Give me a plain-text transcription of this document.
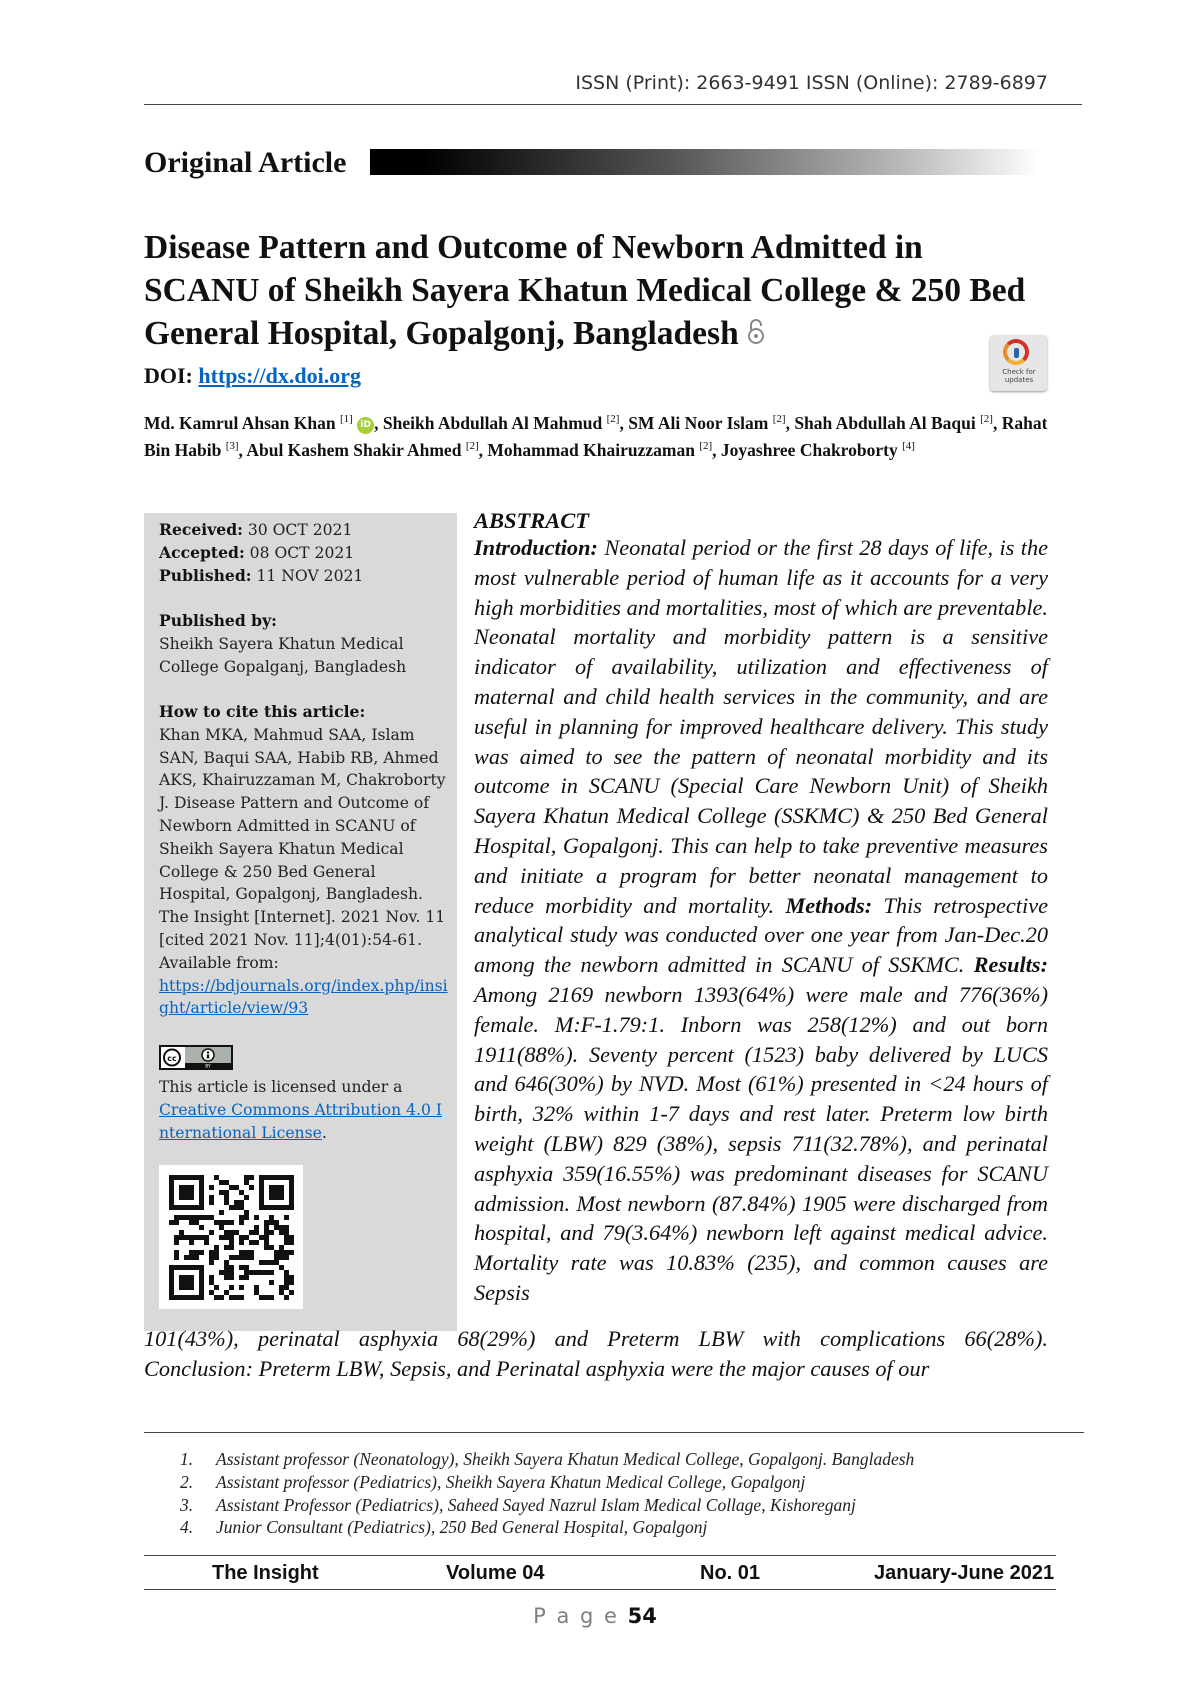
ISSN (Print): 2663-9491 ISSN (Online): 2789-6897
Original Article
Disease Pattern and Outcome of Newborn Admitted in SCANU of Sheikh Sayera Khatun Medical College & 250 Bed General Hospital, Gopalgonj, Bangladesh
Check for updates
DOI: https://dx.doi.org
Md. Kamrul Ahsan Khan [1] iD , Sheikh Abdullah Al Mahmud [2], SM Ali Noor Islam [2], Shah Abdullah Al Baqui [2], Rahat Bin Habib [3], Abul Kashem Shakir Ahmed [2], Mohammad Khairuzzaman [2], Joyashree Chakroborty [4]
Received: 30 OCT 2021
Accepted: 08 OCT 2021
Published: 11 NOV 2021
Published by:
Sheikh Sayera Khatun Medical College Gopalganj, Bangladesh
How to cite this article:
Khan MKA, Mahmud SAA, Islam SAN, Baqui SAA, Habib RB, Ahmed AKS, Khairuzzaman M, Chakroborty J. Disease Pattern and Outcome of Newborn Admitted in SCANU of Sheikh Sayera Khatun Medical College & 250 Bed General Hospital, Gopalgonj, Bangladesh. The Insight [Internet]. 2021 Nov. 11 [cited 2021 Nov. 11];4(01):54-61. Available from:
https://bdjournals.org/index.php/insight/article/view/93
cc
BY
This article is licensed under a
Creative Commons Attribution 4.0 International License.
ABSTRACT
Introduction: Neonatal period or the first 28 days of life, is the most vulnerable period of human life as it accounts for a very high morbidities and mortalities, most of which are preventable. Neonatal mortality and morbidity pattern is a sensitive indicator of availability, utilization and effectiveness of maternal and child health services in the community, and are useful in planning for improved healthcare delivery. This study was aimed to see the pattern of neonatal morbidity and its outcome in SCANU (Special Care Newborn Unit) of Sheikh Sayera Khatun Medical College (SSKMC) & 250 Bed General Hospital, Gopalgonj. This can help to take preventive measures and initiate a program for better neonatal management to reduce morbidity and mortality. Methods: This retrospective analytical study was conducted over one year from Jan-Dec.20 among the newborn admitted in SCANU of SSKMC. Results: Among 2169 newborn 1393(64%) were male and 776(36%) female. M:F-1.79:1. Inborn was 258(12%) and out born 1911(88%). Seventy percent (1523) baby delivered by LUCS and 646(30%) by NVD. Most (61%) presented in <24 hours of birth, 32% within 1-7 days and rest later. Preterm low birth weight (LBW) 829 (38%), sepsis 711(32.78%), and perinatal asphyxia 359(16.55%) was predominant diseases for SCANU admission. Most newborn (87.84%) 1905 were discharged from hospital, and 79(3.64%) newborn left against medical advice. Mortality rate was 10.83% (235), and common causes are Sepsis
101(43%), perinatal asphyxia 68(29%) and Preterm LBW with complications 66(28%).
Conclusion: Preterm LBW, Sepsis, and Perinatal asphyxia were the major causes of our
1. Assistant professor (Neonatology), Sheikh Sayera Khatun Medical College, Gopalgonj. Bangladesh
2. Assistant professor (Pediatrics), Sheikh Sayera Khatun Medical College, Gopalgonj
3. Assistant Professor (Pediatrics), Saheed Sayed Nazrul Islam Medical Collage, Kishoreganj
4. Junior Consultant (Pediatrics), 250 Bed General Hospital, Gopalgonj
The Insight	Volume 04	No. 01	January-June 2021
P a g e 54
